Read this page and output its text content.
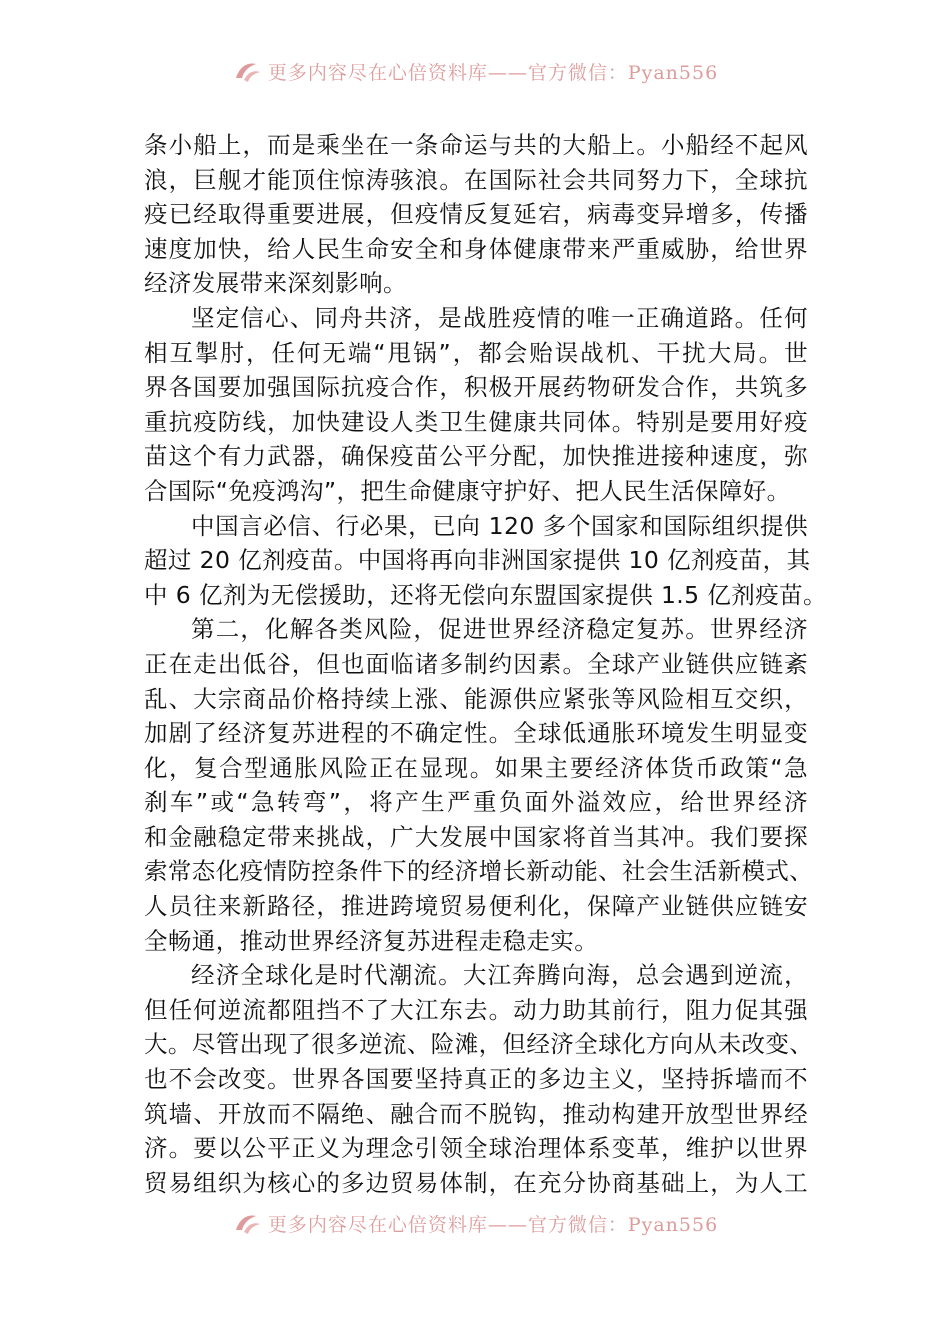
更多内容尽在心倍资料库——官方微信：Pyan556
条小船上，而是乘坐在一条命运与共的大船上。小船经不起风
浪，巨舰才能顶住惊涛骇浪。在国际社会共同努力下，全球抗
疫已经取得重要进展，但疫情反复延宕，病毒变异增多，传播
速度加快，给人民生命安全和身体健康带来严重威胁，给世界
经济发展带来深刻影响。
坚定信心、同舟共济，是战胜疫情的唯一正确道路。任何
相互掣肘，任何无端“甩锅”，都会贻误战机、干扰大局。世
界各国要加强国际抗疫合作，积极开展药物研发合作，共筑多
重抗疫防线，加快建设人类卫生健康共同体。特别是要用好疫
苗这个有力武器，确保疫苗公平分配，加快推进接种速度，弥
合国际“免疫鸿沟”，把生命健康守护好、把人民生活保障好。
中国言必信、行必果，已向 120 多个国家和国际组织提供
超过 20 亿剂疫苗。中国将再向非洲国家提供 10 亿剂疫苗，其
中 6 亿剂为无偿援助，还将无偿向东盟国家提供 1.5 亿剂疫苗。
第二，化解各类风险，促进世界经济稳定复苏。世界经济
正在走出低谷，但也面临诸多制约因素。全球产业链供应链紊
乱、大宗商品价格持续上涨、能源供应紧张等风险相互交织，
加剧了经济复苏进程的不确定性。全球低通胀环境发生明显变
化，复合型通胀风险正在显现。如果主要经济体货币政策“急
刹车”或“急转弯”，将产生严重负面外溢效应，给世界经济
和金融稳定带来挑战，广大发展中国家将首当其冲。我们要探
索常态化疫情防控条件下的经济增长新动能、社会生活新模式、
人员往来新路径，推进跨境贸易便利化，保障产业链供应链安
全畅通，推动世界经济复苏进程走稳走实。
经济全球化是时代潮流。大江奔腾向海，总会遇到逆流，
但任何逆流都阻挡不了大江东去。动力助其前行，阻力促其强
大。尽管出现了很多逆流、险滩，但经济全球化方向从未改变、
也不会改变。世界各国要坚持真正的多边主义，坚持拆墙而不
筑墙、开放而不隔绝、融合而不脱钩，推动构建开放型世界经
济。要以公平正义为理念引领全球治理体系变革，维护以世界
贸易组织为核心的多边贸易体制，在充分协商基础上，为人工
更多内容尽在心倍资料库——官方微信：Pyan556
